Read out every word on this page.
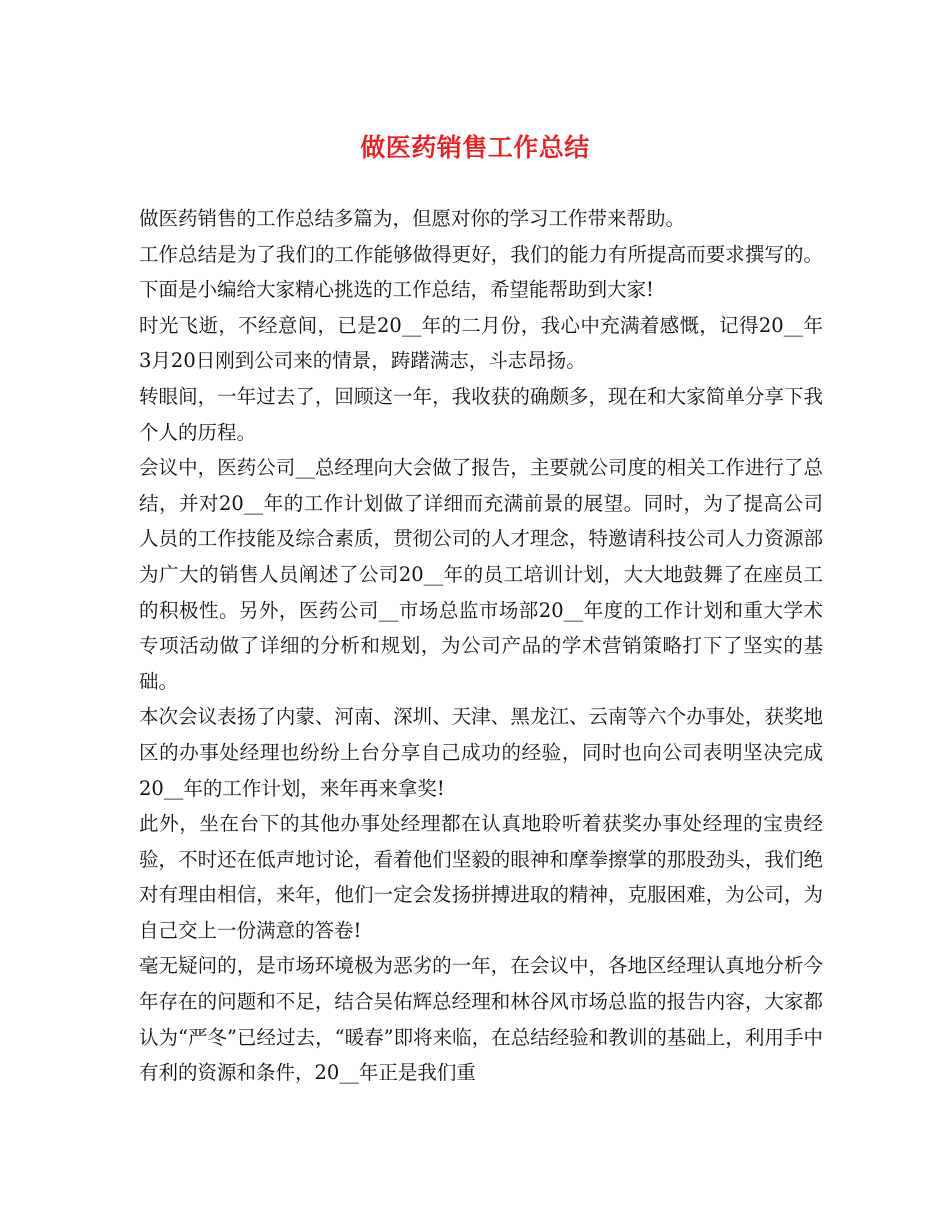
做医药销售工作总结

做医药销售的工作总结多篇为，但愿对你的学习工作带来帮助。

工作总结是为了我们的工作能够做得更好，我们的能力有所提高而要求撰写的。下面是小编给大家精心挑选的工作总结，希望能帮助到大家!

时光飞逝，不经意间，已是20__年的二月份，我心中充满着感慨，记得20__年3月20日刚到公司来的情景，踌躇满志，斗志昂扬。

转眼间，一年过去了，回顾这一年，我收获的确颇多，现在和大家简单分享下我个人的历程。

会议中，医药公司__总经理向大会做了报告，主要就公司度的相关工作进行了总结，并对20__年的工作计划做了详细而充满前景的展望。同时，为了提高公司人员的工作技能及综合素质，贯彻公司的人才理念，特邀请科技公司人力资源部为广大的销售人员阐述了公司20__年的员工培训计划，大大地鼓舞了在座员工的积极性。另外，医药公司__市场总监市场部20__年度的工作计划和重大学术专项活动做了详细的分析和规划，为公司产品的学术营销策略打下了坚实的基础。

本次会议表扬了内蒙、河南、深圳、天津、黑龙江、云南等六个办事处，获奖地区的办事处经理也纷纷上台分享自己成功的经验，同时也向公司表明坚决完成20__年的工作计划，来年再来拿奖!

此外，坐在台下的其他办事处经理都在认真地聆听着获奖办事处经理的宝贵经验，不时还在低声地讨论，看着他们坚毅的眼神和摩拳擦掌的那股劲头，我们绝对有理由相信，来年，他们一定会发扬拼搏进取的精神，克服困难，为公司，为自己交上一份满意的答卷!

毫无疑问的，是市场环境极为恶劣的一年，在会议中，各地区经理认真地分析今年存在的问题和不足，结合吴佑辉总经理和林谷风市场总监的报告内容，大家都认为“严冬”已经过去，“暖春”即将来临，在总结经验和教训的基础上，利用手中有利的资源和条件，20__年正是我们重
